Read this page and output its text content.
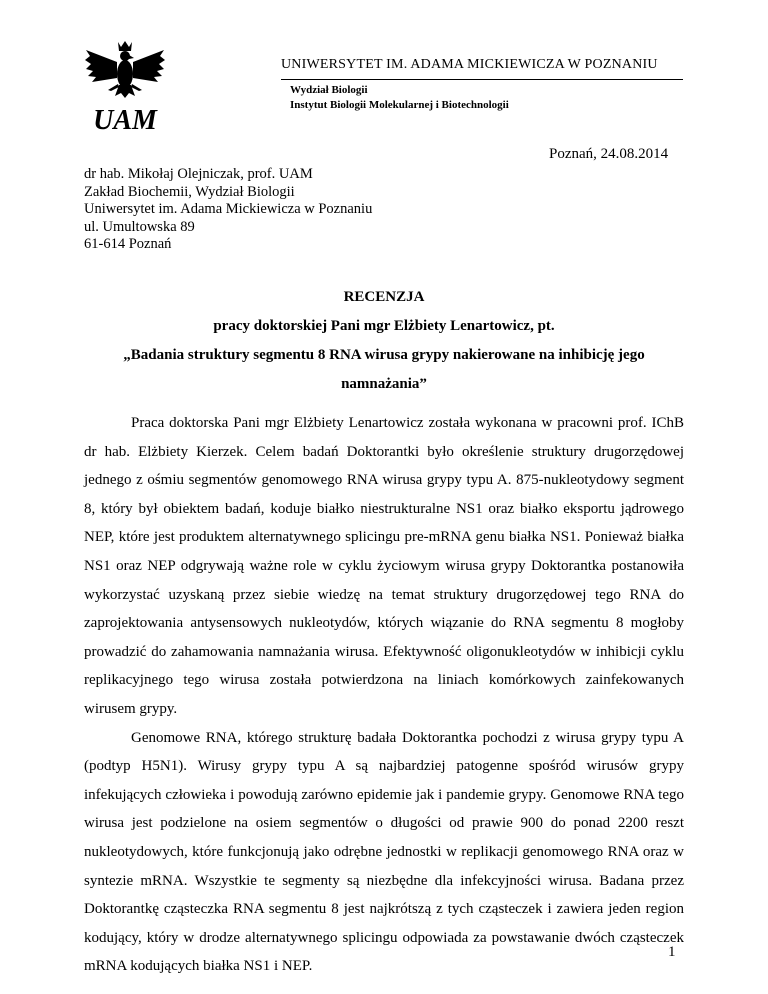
UAM
UNIWERSYTET IM. ADAMA MICKIEWICZA W POZNANIU
Wydział Biologii
Instytut Biologii Molekularnej i Biotechnologii
Poznań, 24.08.2014
dr hab. Mikołaj Olejniczak, prof. UAM
Zakład Biochemii, Wydział Biologii
Uniwersytet im. Adama Mickiewicza w Poznaniu
ul. Umultowska 89
61-614 Poznań
RECENZJA
pracy doktorskiej Pani mgr Elżbiety Lenartowicz, pt.
„Badania struktury segmentu 8 RNA wirusa grypy nakierowane na inhibicję jego
namnażania”

Praca doktorska Pani mgr Elżbiety Lenartowicz została wykonana w pracowni prof. IChB dr hab. Elżbiety Kierzek. Celem badań Doktorantki było określenie struktury drugorzędowej jednego z ośmiu segmentów genomowego RNA wirusa grypy typu A. 875-nukleotydowy segment 8, który był obiektem badań, koduje białko niestrukturalne NS1 oraz białko eksportu jądrowego NEP, które jest produktem alternatywnego splicingu pre-mRNA genu białka NS1. Ponieważ białka NS1 oraz NEP odgrywają ważne role w cyklu życiowym wirusa grypy Doktorantka postanowiła wykorzystać uzyskaną przez siebie wiedzę na temat struktury drugorzędowej tego RNA do zaprojektowania antysensowych nukleotydów, których wiązanie do RNA segmentu 8 mogłoby prowadzić do zahamowania namnażania wirusa. Efektywność oligonukleotydów w inhibicji cyklu replikacyjnego tego wirusa została potwierdzona na liniach komórkowych zainfekowanych wirusem grypy.

Genomowe RNA, którego strukturę badała Doktorantka pochodzi z wirusa grypy typu A (podtyp H5N1). Wirusy grypy typu A są najbardziej patogenne spośród wirusów grypy infekujących człowieka i powodują zarówno epidemie jak i pandemie grypy. Genomowe RNA tego wirusa jest podzielone na osiem segmentów o długości od prawie 900 do ponad 2200 reszt nukleotydowych, które funkcjonują jako odrębne jednostki w replikacji genomowego RNA oraz w syntezie mRNA. Wszystkie te segmenty są niezbędne dla infekcyjności wirusa. Badana przez Doktorantkę cząsteczka RNA segmentu 8 jest najkrótszą z tych cząsteczek i zawiera jeden region kodujący, który w drodze alternatywnego splicingu odpowiada za powstawanie dwóch cząsteczek mRNA kodujących białka NS1 i NEP.

1
